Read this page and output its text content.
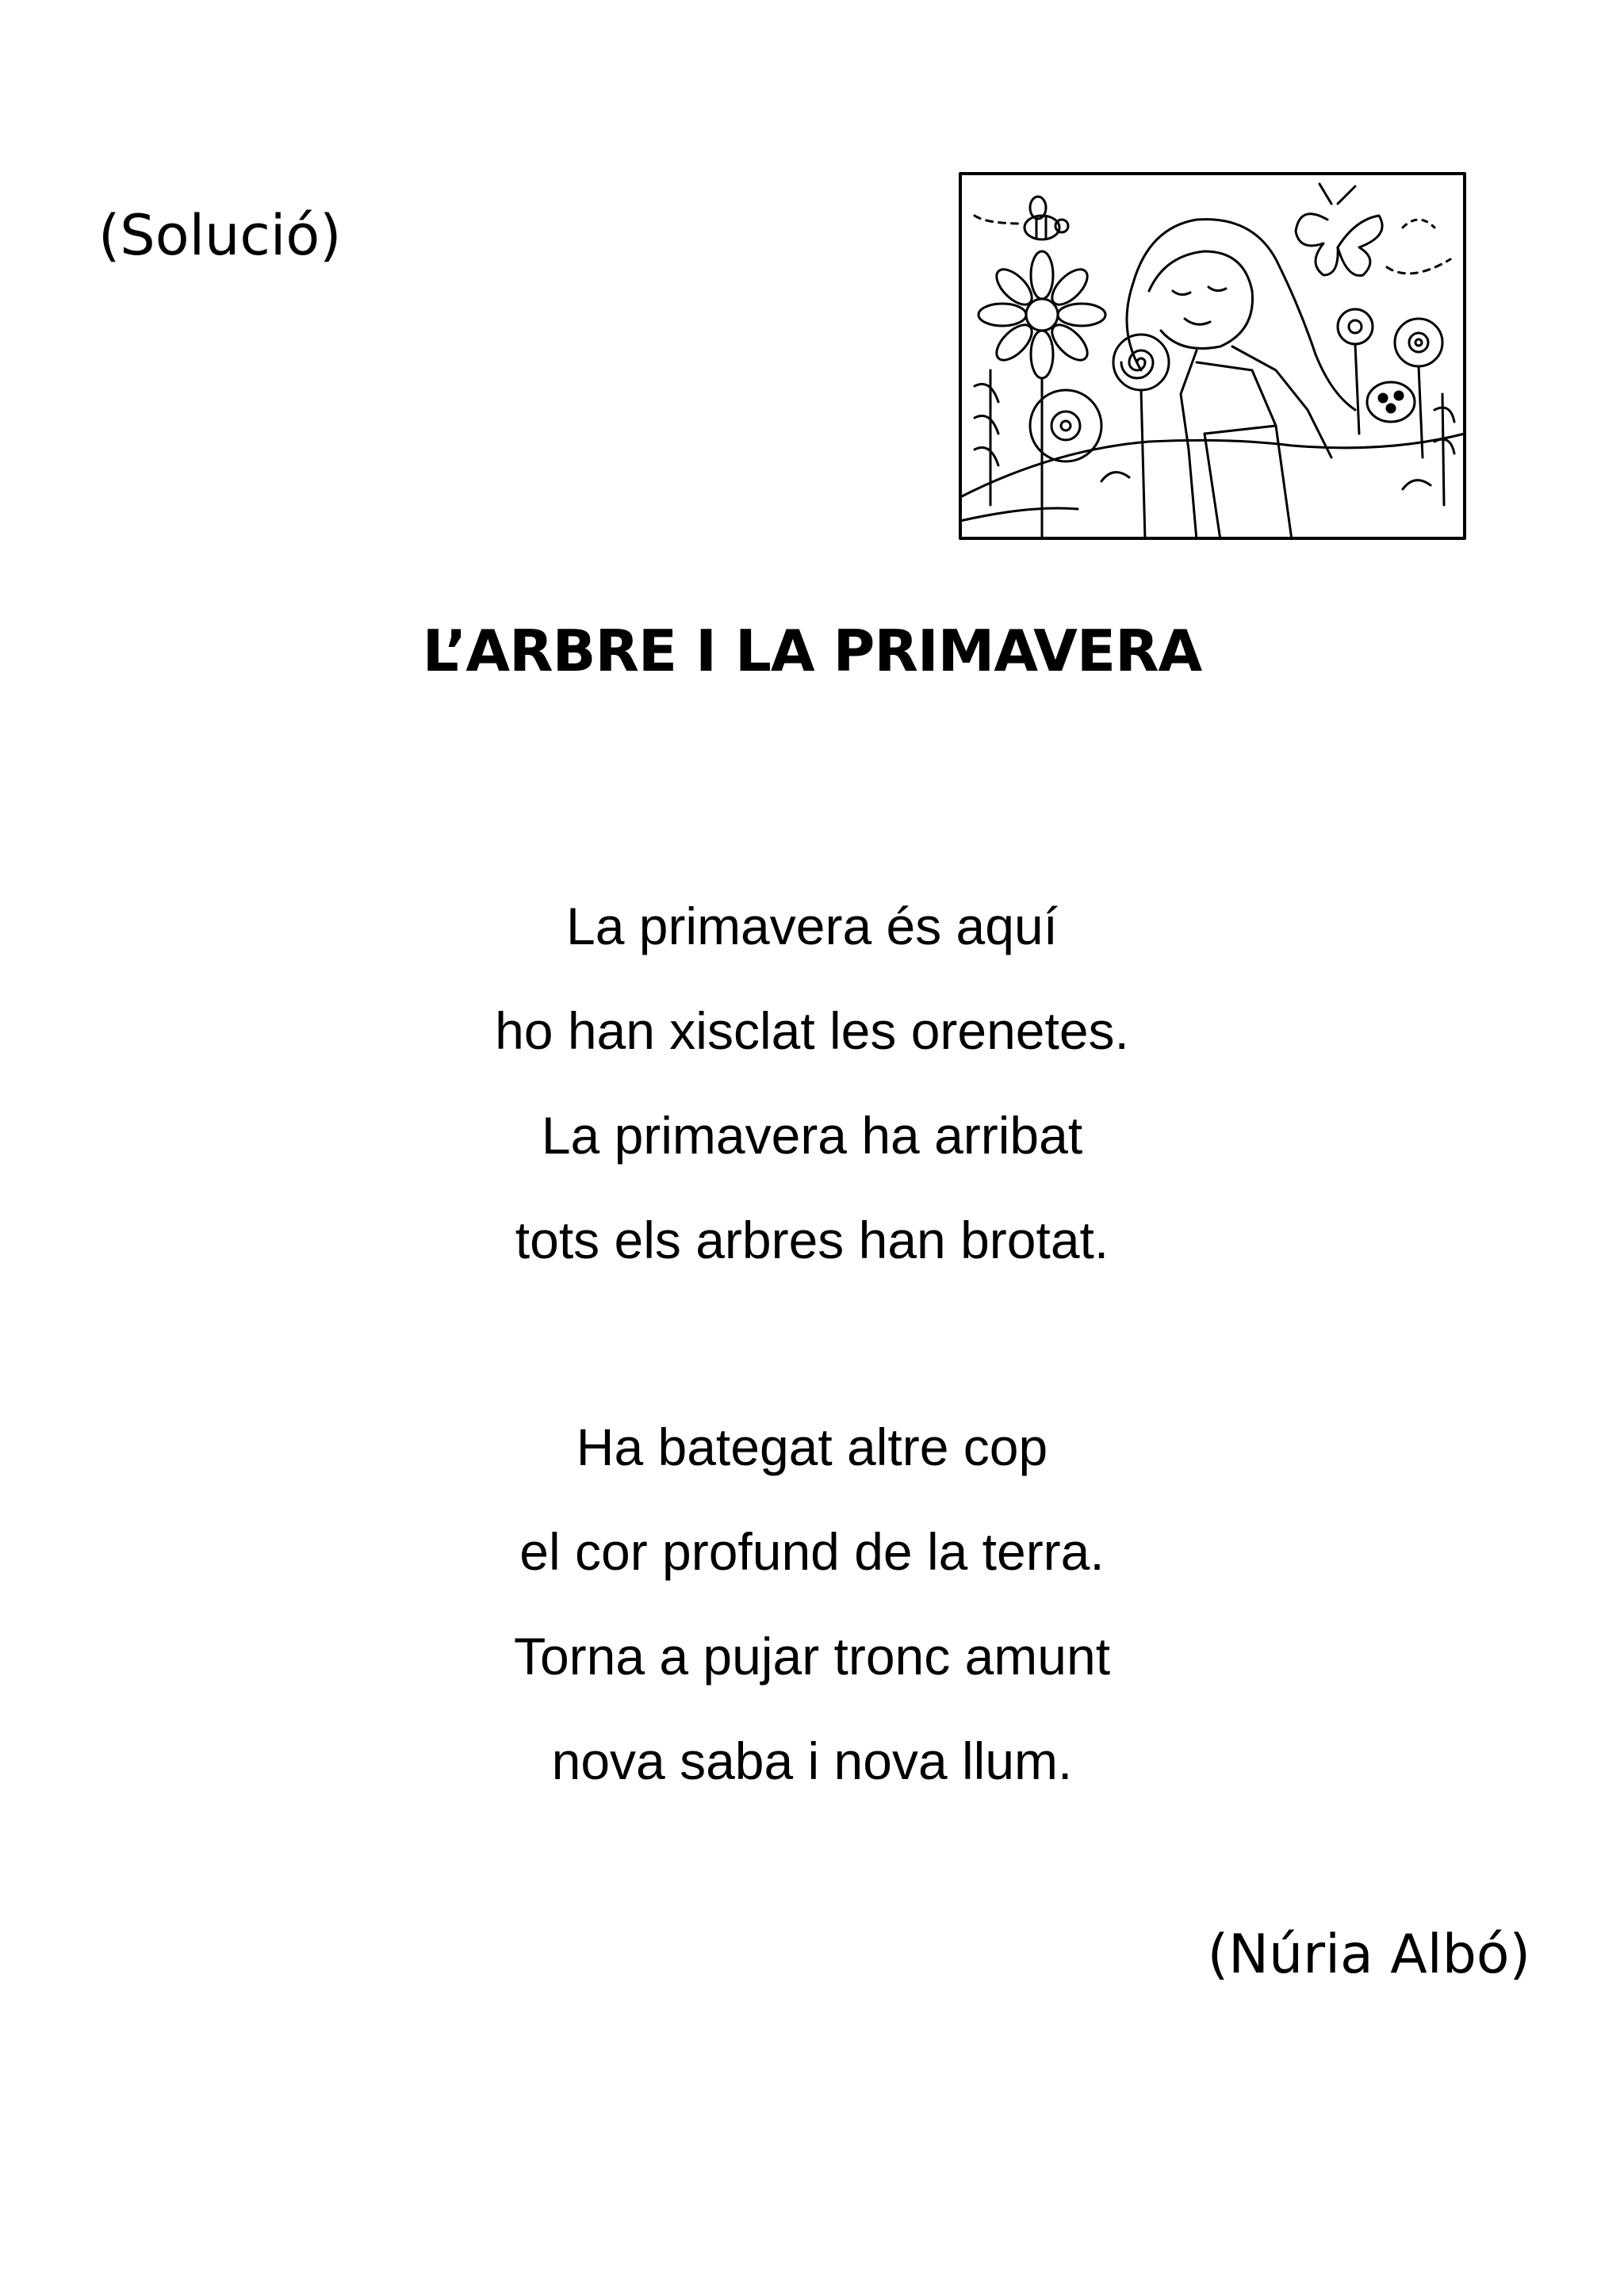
(Solució)
L’ARBRE I LA PRIMAVERA
La primavera és aquí
ho han xisclat les orenetes.
La primavera ha arribat
tots els arbres han brotat.
Ha bategat altre cop
el cor profund de la terra.
Torna a pujar tronc amunt
nova saba i nova llum.
(Núria Albó)
